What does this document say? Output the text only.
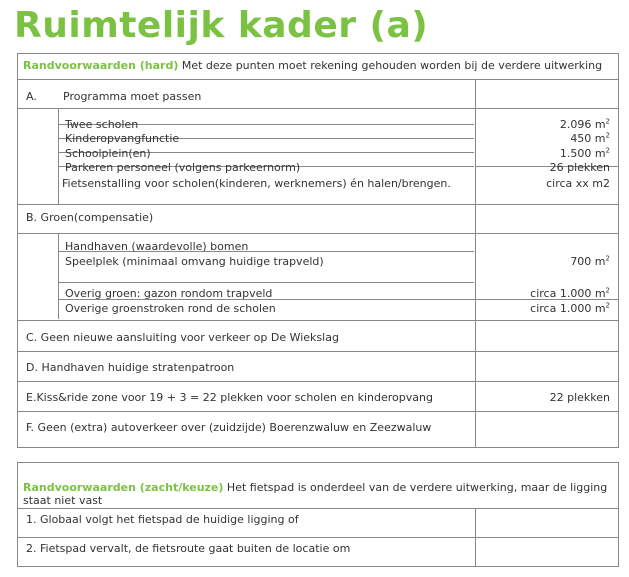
Ruimtelijk kader (a)
Randvoorwaarden (hard) Met deze punten moet rekening gehouden worden bij de verdere uitwerking
A. Programma moet passen
Twee scholen	2.096 $m^2$
Kinderopvangfunctie	450 $m^2$
Schoolplein(en)	1.500 $m^2$
Parkeren personeel (volgens parkeernorm)	26 plekken
Fietsenstalling voor scholen(kinderen, werknemers) én halen/brengen.	circa xx m2
B. Groen(compensatie)
Handhaven (waardevolle) bomen
Speelplek (minimaal omvang huidige trapveld)	700 $m^2$
Overig groen: gazon rondom trapveld	circa 1.000 $m^2$
Overige groenstroken rond de scholen	circa 1.000 $m^2$
C. Geen nieuwe aansluiting voor verkeer op De Wiekslag
D. Handhaven huidige stratenpatroon
E.Kiss&ride zone voor 19 + 3 = 22 plekken voor scholen en kinderopvang	22 plekken
F. Geen (extra) autoverkeer over (zuidzijde) Boerenzwaluw en Zeezwaluw
Randvoorwaarden (zacht/keuze) Het fietspad is onderdeel van de verdere uitwerking, maar de ligging
staat niet vast
1. Globaal volgt het fietspad de huidige ligging of
2. Fietspad vervalt, de fietsroute gaat buiten de locatie om
